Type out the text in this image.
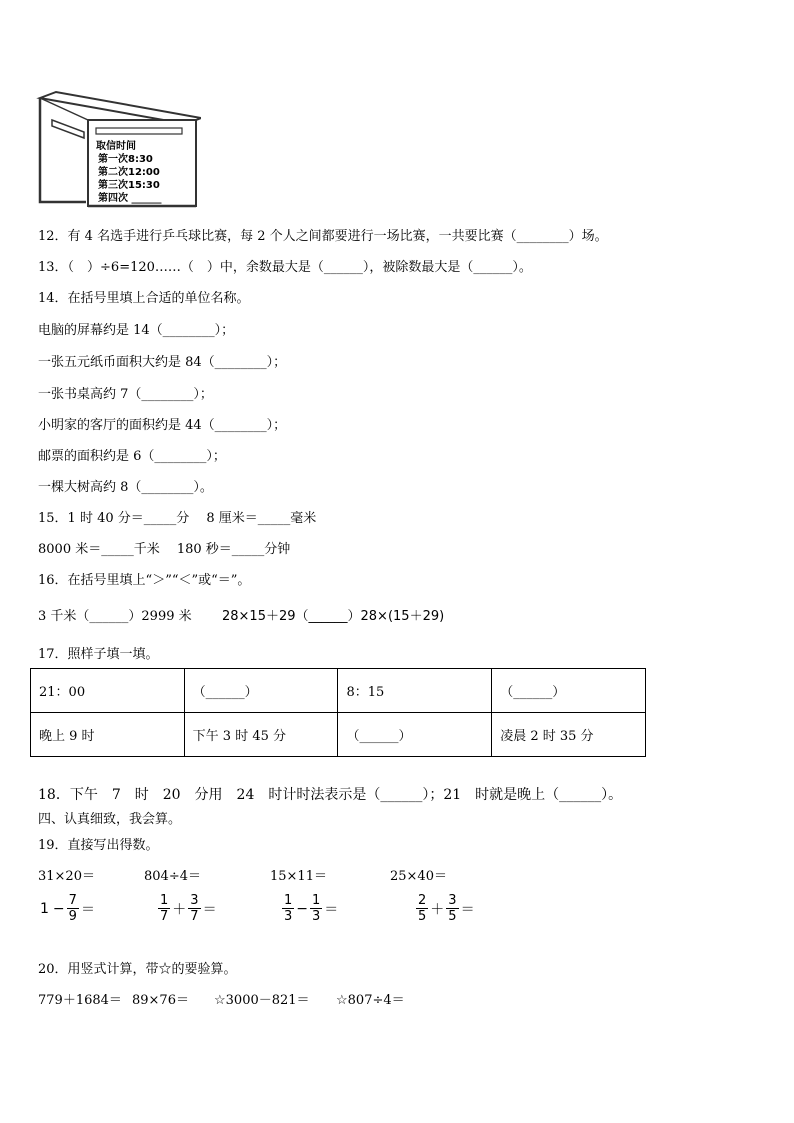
取信时间
第一次8:30
第二次12:00
第三次15:30
第四次 ______
12．有 4 名选手进行乒乓球比赛，每 2 个人之间都要进行一场比赛，一共要比赛（________）场。
13．（　）÷6=120……（　）中，余数最大是（______），被除数最大是（______）。
14．在括号里填上合适的单位名称。
电脑的屏幕约是 14（________）；
一张五元纸币面积大约是 84（________）；
一张书桌高约 7（________）；
小明家的客厅的面积约是 44（________）；
邮票的面积约是 6（________）；
一棵大树高约 8（________）。
15．1 时 40 分＝_____分　 8 厘米＝_____毫米
8000 米＝_____千米　 180 秒＝_____分钟
16．在括号里填上“＞”“＜”或“＝”。
3 千米（______）2999 米 28×15＋29（______）28×(15＋29)
17．照样子填一填。
21：00	（______）	8：15	（______）
晚上 9 时	下午 3 时 45 分	（______）	凌晨 2 时 35 分
18．下午　7　时　20　分用　24　时计时法表示是（______）；21　时就是晚上（______）。
四、认真细致，我会算。
19．直接写出得数。
31×20＝	804÷4＝	15×11＝	25×40＝
$1 - \frac{7}{9}$ ＝	$\frac{1}{7} + \frac{3}{7}$ ＝	$\frac{1}{3} - \frac{1}{3}$ ＝	$\frac{2}{5} + \frac{3}{5}$ ＝
20．用竖式计算，带☆的要验算。
779＋1684＝ 89×76＝ ☆3000－821＝ ☆807÷4＝
